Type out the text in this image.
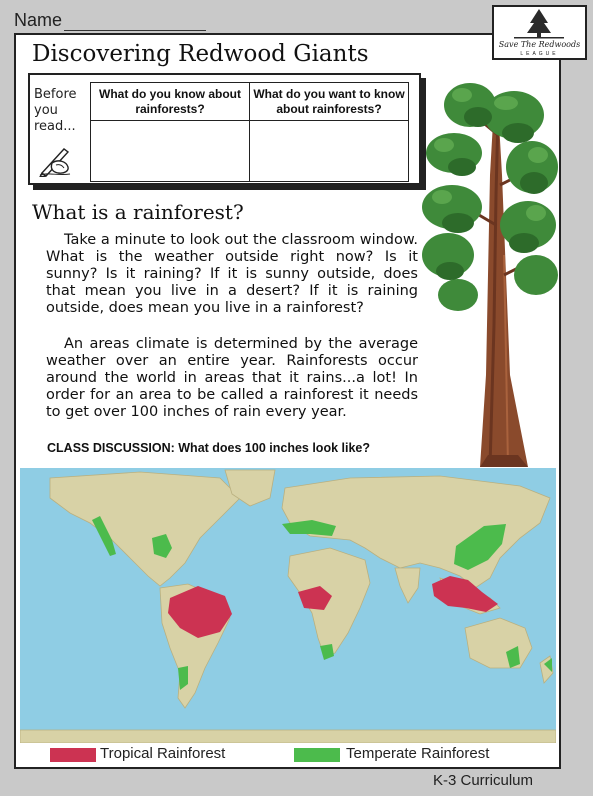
Name
Save The Redwoods
LEAGUE
Discovering Redwood Giants
Before you read...
What do you know about rainforests?	What do you want to know about rainforests?

What is a rainforest?

Take a minute to look out the classroom window. What is the weather outside right now? Is it sunny? Is it raining? If it is sunny outside, does that mean you live in a desert? If it is raining outside, does mean you live in a rainforest?

An areas climate is determined by the average weather over an entire year. Rainforests occur around the world in areas that it rains...a lot! In order for an area to be called a rainforest it needs to get over 100 inches of rain every year.

CLASS DISCUSSION: What does 100 inches look like?
Tropical Rainforest	Temperate Rainforest
K-3 Curriculum
